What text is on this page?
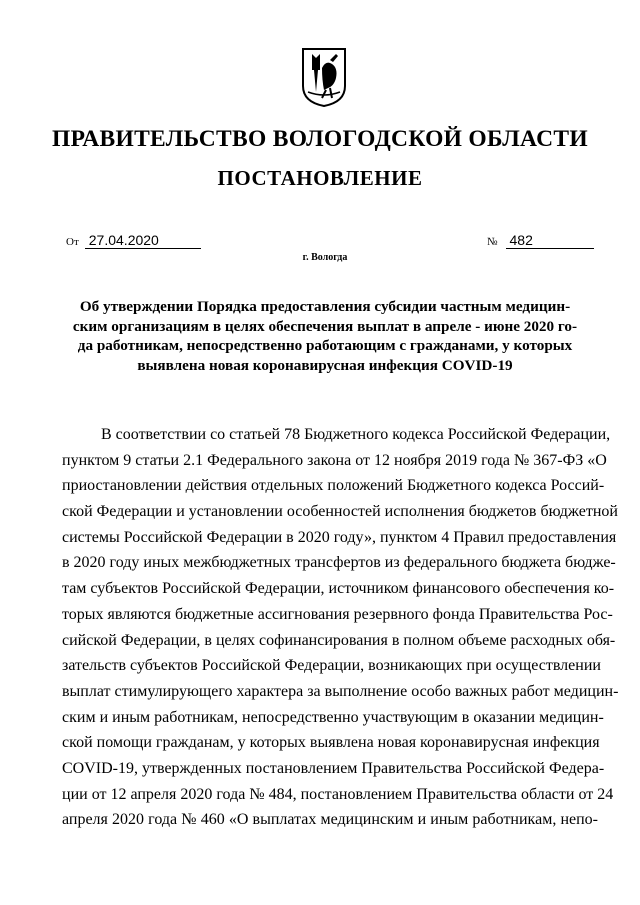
ПРАВИТЕЛЬСТВО ВОЛОГОДСКОЙ ОБЛАСТИ
ПОСТАНОВЛЕНИЕ
От 27.04.2020	№ 482
г. Вологда
Об утверждении Порядка предоставления субсидии частным медицин-
ским организациям в целях обеспечения выплат в апреле - июне 2020 го-
да работникам, непосредственно работающим с гражданами, у которых
выявлена новая коронавирусная инфекция COVID-19
В соответствии со статьей 78 Бюджетного кодекса Российской Федерации,
пунктом 9 статьи 2.1 Федерального закона от 12 ноября 2019 года № 367-ФЗ «О
приостановлении действия отдельных положений Бюджетного кодекса Россий-
ской Федерации и установлении особенностей исполнения бюджетов бюджетной
системы Российской Федерации в 2020 году», пунктом 4 Правил предоставления
в 2020 году иных межбюджетных трансфертов из федерального бюджета бюдже-
там субъектов Российской Федерации, источником финансового обеспечения ко-
торых являются бюджетные ассигнования резервного фонда Правительства Рос-
сийской Федерации, в целях софинансирования в полном объеме расходных обя-
зательств субъектов Российской Федерации, возникающих при осуществлении
выплат стимулирующего характера за выполнение особо важных работ медицин-
ским и иным работникам, непосредственно участвующим в оказании медицин-
ской помощи гражданам, у которых выявлена новая коронавирусная инфекция
COVID-19, утвержденных постановлением Правительства Российской Федера-
ции от 12 апреля 2020 года № 484, постановлением Правительства области от 24
апреля 2020 года № 460 «О выплатах медицинским и иным работникам, непо-
